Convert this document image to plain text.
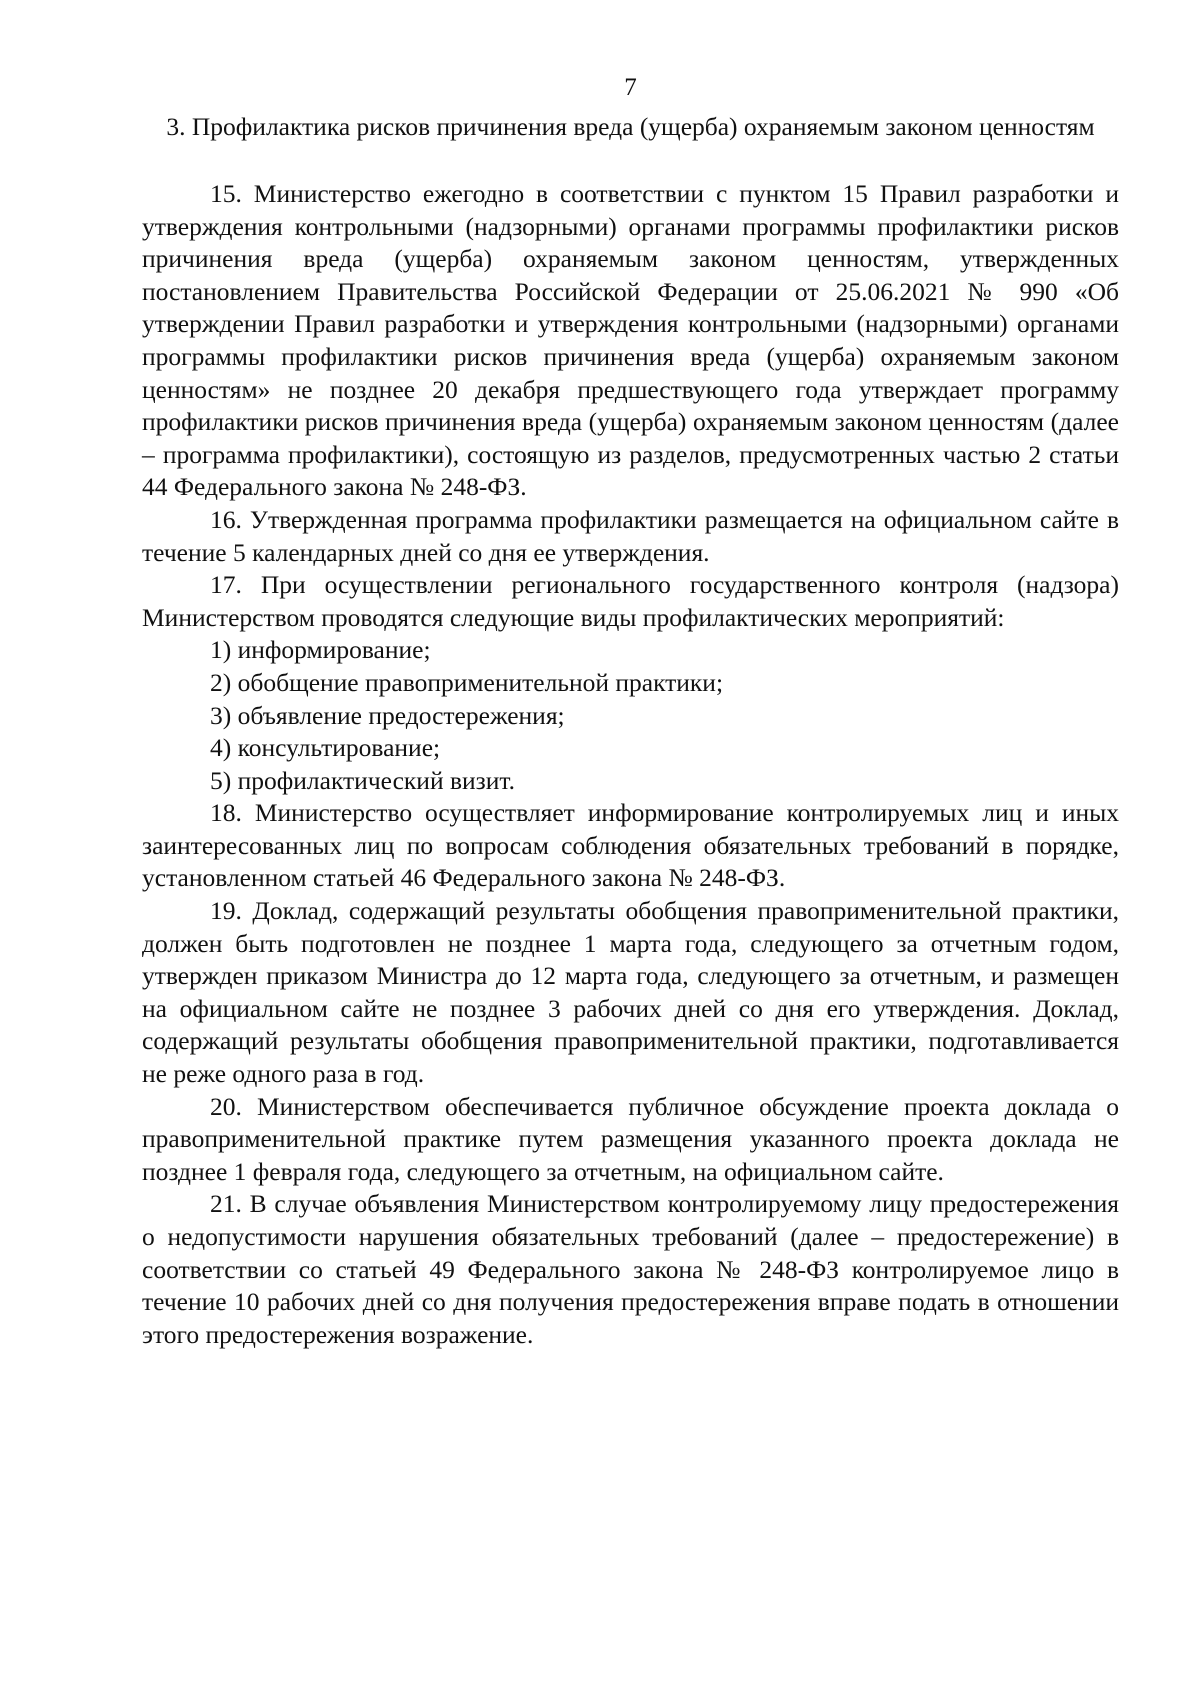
7
3. Профилактика рисков причинения вреда (ущерба) охраняемым законом ценностям

15. Министерство ежегодно в соответствии с пунктом 15 Правил разработки и утверждения контрольными (надзорными) органами программы профилактики рисков причинения вреда (ущерба) охраняемым законом ценностям, утвержденных постановлением Правительства Российской Федерации от 25.06.2021 № 990 «Об утверждении Правил разработки и утверждения контрольными (надзорными) органами программы профилактики рисков причинения вреда (ущерба) охраняемым законом ценностям» не позднее 20 декабря предшествующего года утверждает программу профилактики рисков причинения вреда (ущерба) охраняемым законом ценностям (далее – программа профилактики), состоящую из разделов, предусмотренных частью 2 статьи 44 Федерального закона № 248-ФЗ.

16. Утвержденная программа профилактики размещается на официальном сайте в течение 5 календарных дней со дня ее утверждения.

17. При осуществлении регионального государственного контроля (надзора) Министерством проводятся следующие виды профилактических мероприятий:

1) информирование;

2) обобщение правоприменительной практики;

3) объявление предостережения;

4) консультирование;

5) профилактический визит.

18. Министерство осуществляет информирование контролируемых лиц и иных заинтересованных лиц по вопросам соблюдения обязательных требований в порядке, установленном статьей 46 Федерального закона № 248-ФЗ.

19. Доклад, содержащий результаты обобщения правоприменительной практики, должен быть подготовлен не позднее 1 марта года, следующего за отчетным годом, утвержден приказом Министра до 12 марта года, следующего за отчетным, и размещен на официальном сайте не позднее 3 рабочих дней со дня его утверждения. Доклад, содержащий результаты обобщения правоприменительной практики, подготавливается не реже одного раза в год.

20. Министерством обеспечивается публичное обсуждение проекта доклада о правоприменительной практике путем размещения указанного проекта доклада не позднее 1 февраля года, следующего за отчетным, на официальном сайте.

21. В случае объявления Министерством контролируемому лицу предостережения о недопустимости нарушения обязательных требований (далее – предостережение) в соответствии со статьей 49 Федерального закона № 248-ФЗ контролируемое лицо в течение 10 рабочих дней со дня получения предостережения вправе подать в отношении этого предостережения возражение.
